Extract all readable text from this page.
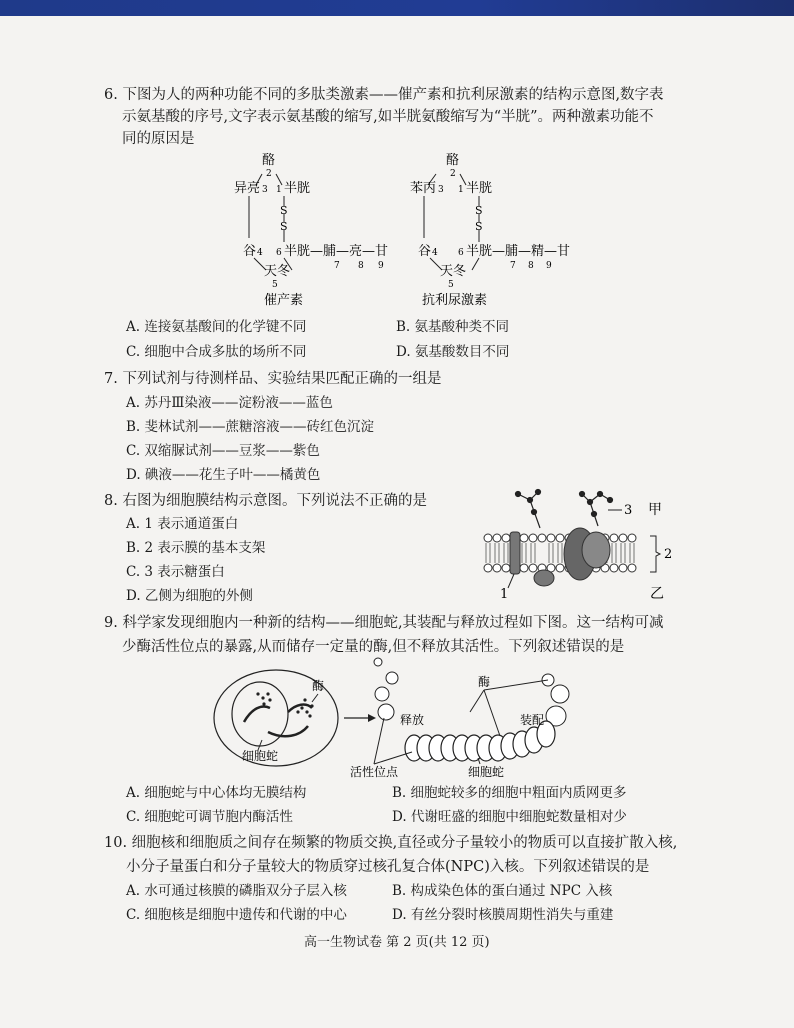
6. 下图为人的两种功能不同的多肽类激素——催产素和抗利尿激素的结构示意图,数字表
示氨基酸的序号,文字表示氨基酸的缩写,如半胱氨酸缩写为“半胱”。两种激素功能不
同的原因是
酪
2
异亮 3 1 半胱
S
S
谷 4 6 半胱 —脯—亮—甘
7 8 9
天冬
5
催产素
酪
2
苯丙 3 1 半胱
S
S
谷 4 6 半胱 —脯—精—甘
7 8 9
天冬
5
抗利尿激素
A. 连接氨基酸间的化学键不同	B. 氨基酸种类不同
C. 细胞中合成多肽的场所不同	D. 氨基酸数目不同
7. 下列试剂与待测样品、实验结果匹配正确的一组是
A. 苏丹Ⅲ染液——淀粉液——蓝色
B. 斐林试剂——蔗糖溶液——砖红色沉淀
C. 双缩脲试剂——豆浆——紫色
D. 碘液——花生子叶——橘黄色
8. 右图为细胞膜结构示意图。下列说法不正确的是
A. 1 表示通道蛋白
B. 2 表示膜的基本支架
C. 3 表示糖蛋白
D. 乙侧为细胞的外侧
3 甲
2
1	乙
9. 科学家发现细胞内一种新的结构——细胞蛇,其装配与释放过程如下图。这一结构可减
少酶活性位点的暴露,从而储存一定量的酶,但不释放其活性。下列叙述错误的是
酶
细胞蛇
酶
释放	装配
活性位点	细胞蛇
A. 细胞蛇与中心体均无膜结构	B. 细胞蛇较多的细胞中粗面内质网更多
C. 细胞蛇可调节胞内酶活性	D. 代谢旺盛的细胞中细胞蛇数量相对少
10. 细胞核和细胞质之间存在频繁的物质交换,直径或分子量较小的物质可以直接扩散入核,
小分子量蛋白和分子量较大的物质穿过核孔复合体(NPC)入核。下列叙述错误的是
A. 水可通过核膜的磷脂双分子层入核	B. 构成染色体的蛋白通过 NPC 入核
C. 细胞核是细胞中遗传和代谢的中心	D. 有丝分裂时核膜周期性消失与重建
高一生物试卷 第 2 页(共 12 页)
